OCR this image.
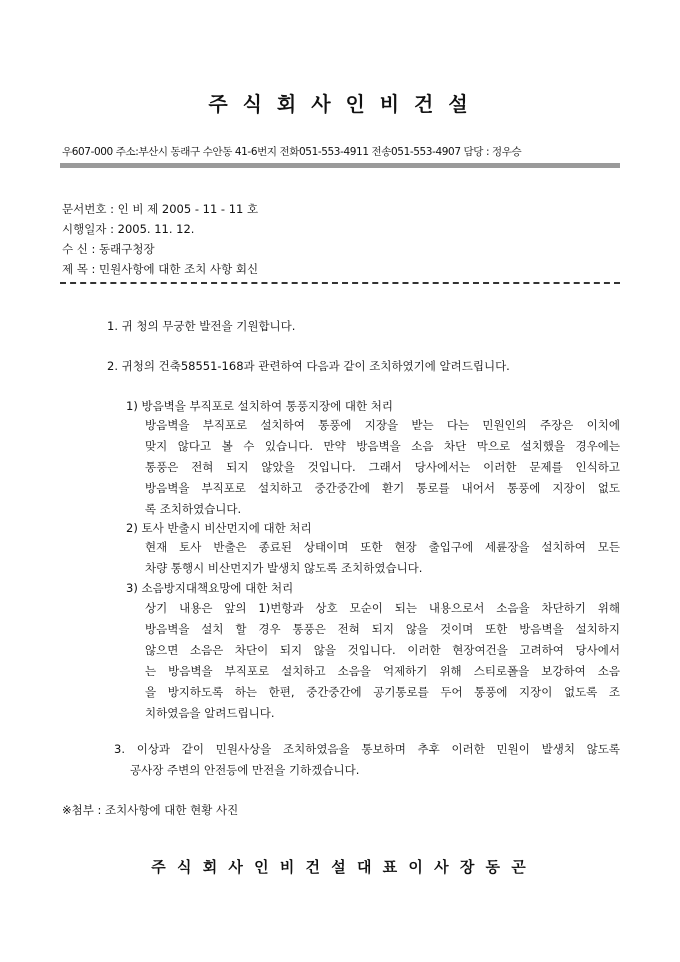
주 식 회 사 인 비 건 설
우607-000 주소:부산시 동래구 수안동 41-6번지 전화051-553-4911 전송051-553-4907 담당 : 정우승
문서번호 : 인 비 제 2005 - 11 - 11 호
시행일자 : 2005. 11. 12.
수 신 : 동래구청장
제 목 : 민원사항에 대한 조치 사항 회신
1. 귀 청의 무궁한 발전을 기원합니다.
2. 귀청의 건축58551-168과 관련하여 다음과 같이 조치하였기에 알려드립니다.
1) 방음벽을 부직포로 설치하여 통풍지장에 대한 처리
방음벽을 부직포로 설치하여 통풍에 지장을 받는 다는 민원인의 주장은 이치에
맞지 않다고 볼 수 있습니다. 만약 방음벽을 소음 차단 막으로 설치했을 경우에는
통풍은 전혀 되지 않았을 것입니다. 그래서 당사에서는 이러한 문제를 인식하고
방음벽을 부직포로 설치하고 중간중간에 환기 통로를 내어서 통풍에 지장이 없도
록 조치하였습니다.
2) 토사 반출시 비산먼지에 대한 처리
현재 토사 반출은 종료된 상태이며 또한 현장 출입구에 세륜장을 설치하여 모든
차량 통행시 비산먼지가 발생치 않도록 조치하였습니다.
3) 소음방지대책요망에 대한 처리
상기 내용은 앞의 1)번항과 상호 모순이 되는 내용으로서 소음을 차단하기 위해
방음벽을 설치 할 경우 통풍은 전혀 되지 않을 것이며 또한 방음벽을 설치하지
않으면 소음은 차단이 되지 않을 것입니다. 이러한 현장여건을 고려하여 당사에서
는 방음벽을 부직포로 설치하고 소음을 억제하기 위해 스티로폴을 보강하여 소음
을 방지하도록 하는 한편, 중간중간에 공기통로를 두어 통풍에 지장이 없도록 조
치하였음을 알려드립니다.
3. 이상과 같이 민원사상을 조치하였음을 통보하며 추후 이러한 민원이 발생치 않도록
공사장 주변의 안전등에 만전을 기하겠습니다.
※첨부 : 조치사항에 대한 현황 사진
주 식 회 사 인 비 건 설 대 표 이 사 장 동 곤
